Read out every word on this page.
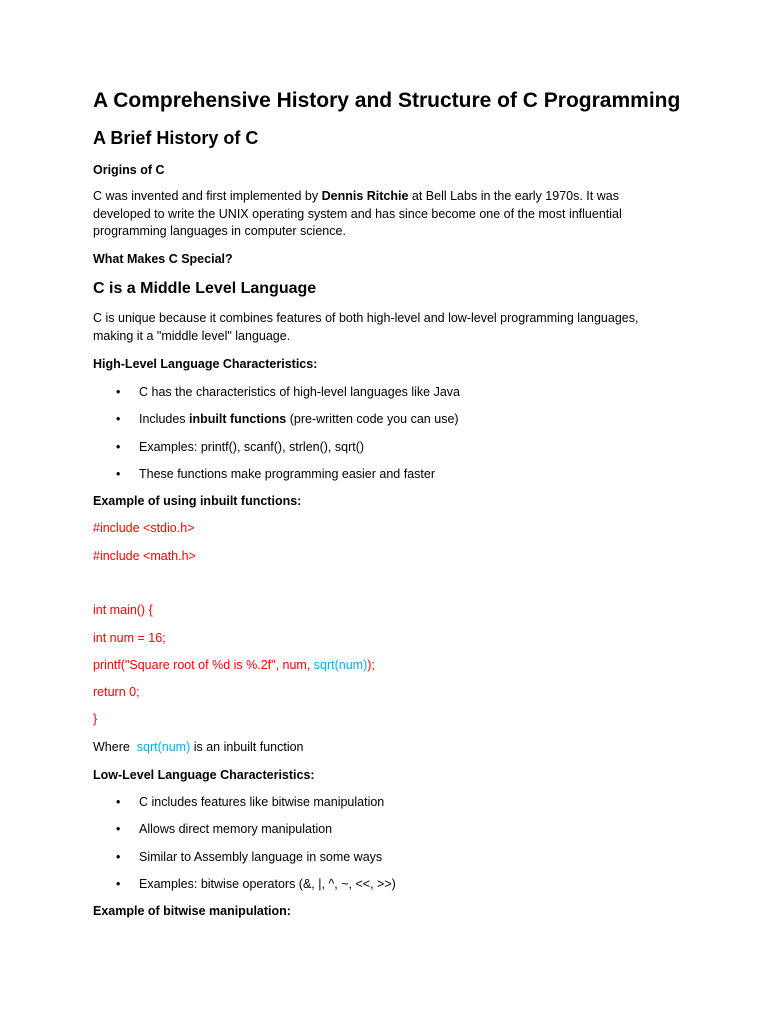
A Comprehensive History and Structure of C Programming
A Brief History of C
Origins of C
C was invented and first implemented by Dennis Ritchie at Bell Labs in the early 1970s. It was developed to write the UNIX operating system and has since become one of the most influential programming languages in computer science.
What Makes C Special?
C is a Middle Level Language
C is unique because it combines features of both high-level and low-level programming languages, making it a "middle level" language.
High-Level Language Characteristics:
• C has the characteristics of high-level languages like Java
• Includes inbuilt functions (pre-written code you can use)
• Examples: printf(), scanf(), strlen(), sqrt()
• These functions make programming easier and faster
Example of using inbuilt functions:
#include <stdio.h>
#include <math.h>
int main() {
int num = 16;
printf("Square root of %d is %.2f", num, sqrt(num));
return 0;
}
Where  sqrt(num) is an inbuilt function
Low-Level Language Characteristics:
• C includes features like bitwise manipulation
• Allows direct memory manipulation
• Similar to Assembly language in some ways
• Examples: bitwise operators (&, |, ^, ~, <<, >>)
Example of bitwise manipulation:
